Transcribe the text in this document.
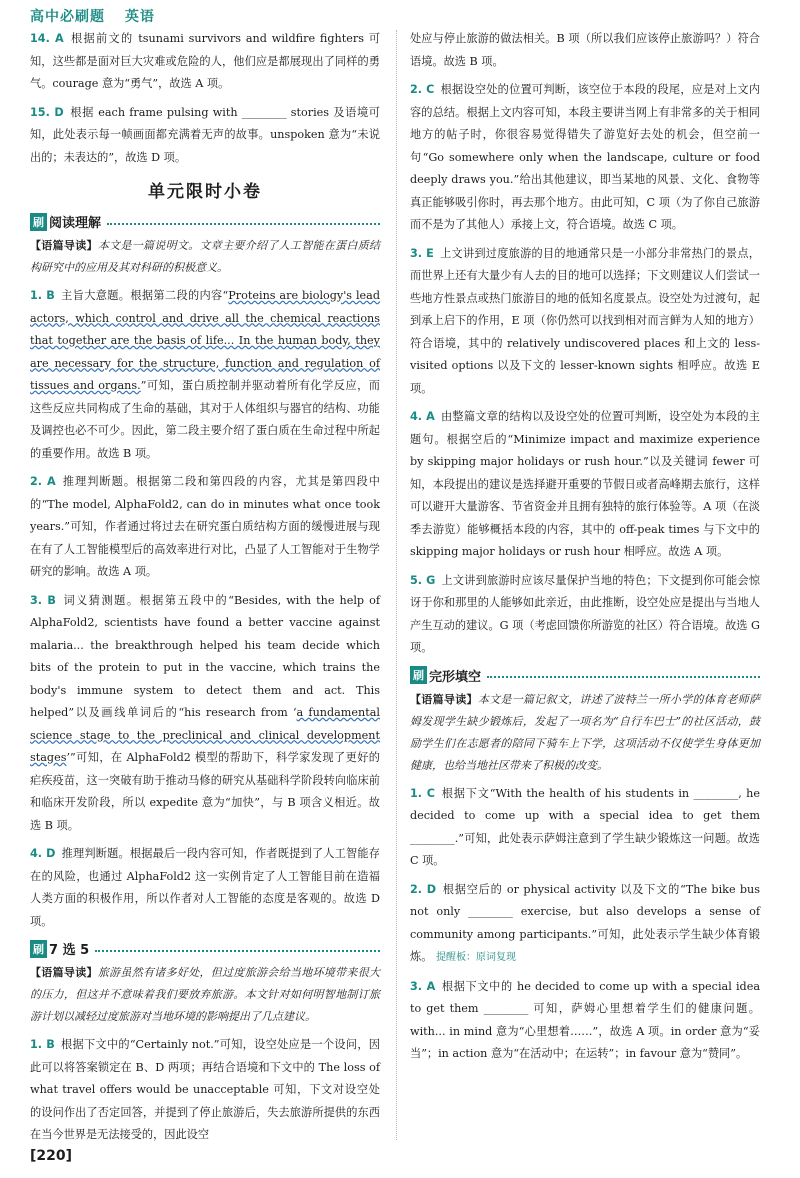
高中必刷题 英语

14. A 根据前文的 tsunami survivors and wildfire fighters 可知，这些都是面对巨大灾难或危险的人，他们应是都展现出了同样的勇气。courage 意为“勇气”，故选 A 项。

15. D 根据 each frame pulsing with ________ stories 及语境可知，此处表示每一帧画面都充满着无声的故事。unspoken 意为“未说出的；未表达的”，故选 D 项。

单元限时小卷
刷 阅读理解

【语篇导读】本文是一篇说明文。文章主要介绍了人工智能在蛋白质结构研究中的应用及其对科研的积极意义。

1. B 主旨大意题。根据第二段的内容“Proteins are biology's lead actors, which control and drive all the chemical reactions that together are the basis of life... In the human body, they are necessary for the structure, function and regulation of tissues and organs.”可知，蛋白质控制并驱动着所有化学反应，而这些反应共同构成了生命的基础，其对于人体组织与器官的结构、功能及调控也必不可少。因此，第二段主要介绍了蛋白质在生命过程中所起的重要作用。故选 B 项。

2. A 推理判断题。根据第二段和第四段的内容，尤其是第四段中的“The model, AlphaFold2, can do in minutes what once took years.”可知，作者通过将过去在研究蛋白质结构方面的缓慢进展与现在有了人工智能模型后的高效率进行对比，凸显了人工智能对于生物学研究的影响。故选 A 项。

3. B 词义猜测题。根据第五段中的“Besides, with the help of AlphaFold2, scientists have found a better vaccine against malaria... the breakthrough helped his team decide which bits of the protein to put in the vaccine, which trains the body's immune system to detect them and act. This helped”以及画线单词后的“his research from ‘a fundamental science stage to the preclinical and clinical development stages’”可知，在 AlphaFold2 模型的帮助下，科学家发现了更好的疟疾疫苗，这一突破有助于推动马修的研究从基础科学阶段转向临床前和临床开发阶段，所以 expedite 意为“加快”，与 B 项含义相近。故选 B 项。

4. D 推理判断题。根据最后一段内容可知，作者既提到了人工智能存在的风险，也通过 AlphaFold2 这一实例肯定了人工智能目前在造福人类方面的积极作用，所以作者对人工智能的态度是客观的。故选 D 项。

刷 7 选 5

【语篇导读】旅游虽然有诸多好处，但过度旅游会给当地环境带来很大的压力，但这并不意味着我们要放弃旅游。本文针对如何明智地制订旅游计划以减轻过度旅游对当地环境的影响提出了几点建议。

1. B 根据下文中的“Certainly not.”可知，设空处应是一个设问，因此可以将答案锁定在 B、D 两项；再结合语境和下文中的 The loss of what travel offers would be unacceptable 可知，下文对设空处的设问作出了否定回答，并提到了停止旅游后，失去旅游所提供的东西在当今世界是无法接受的，因此设空

处应与停止旅游的做法相关。B 项（所以我们应该停止旅游吗？）符合语境。故选 B 项。

2. C 根据设空处的位置可判断，该空位于本段的段尾，应是对上文内容的总结。根据上文内容可知，本段主要讲当网上有非常多的关于相同地方的帖子时，你很容易觉得错失了游览好去处的机会，但空前一句“Go somewhere only when the landscape, culture or food deeply draws you.”给出其他建议，即当某地的风景、文化、食物等真正能够吸引你时，再去那个地方。由此可知，C 项（为了你自己旅游而不是为了其他人）承接上文，符合语境。故选 C 项。

3. E 上文讲到过度旅游的目的地通常只是一小部分非常热门的景点，而世界上还有大量少有人去的目的地可以选择；下文则建议人们尝试一些地方性景点或热门旅游目的地的低知名度景点。设空处为过渡句，起到承上启下的作用，E 项（你仍然可以找到相对而言鲜为人知的地方）符合语境，其中的 relatively undiscovered places 和上文的 less-visited options 以及下文的 lesser-known sights 相呼应。故选 E 项。

4. A 由整篇文章的结构以及设空处的位置可判断，设空处为本段的主题句。根据空后的“Minimize impact and maximize experience by skipping major holidays or rush hour.”以及关键词 fewer 可知，本段提出的建议是选择避开重要的节假日或者高峰期去旅行，这样可以避开大量游客、节省资金并且拥有独特的旅行体验等。A 项（在淡季去游览）能够概括本段的内容，其中的 off-peak times 与下文中的 skipping major holidays or rush hour 相呼应。故选 A 项。

5. G 上文讲到旅游时应该尽量保护当地的特色；下文提到你可能会惊讶于你和那里的人能够如此亲近，由此推断，设空处应是提出与当地人产生互动的建议。G 项（考虑回馈你所游览的社区）符合语境。故选 G 项。

刷 完形填空

【语篇导读】本文是一篇记叙文，讲述了波特兰一所小学的体育老师萨姆发现学生缺少锻炼后，发起了一项名为“自行车巴士”的社区活动，鼓励学生们在志愿者的陪同下骑车上下学，这项活动不仅使学生身体更加健康，也给当地社区带来了积极的改变。

1. C 根据下文“With the health of his students in ________, he decided to come up with a special idea to get them ________.”可知，此处表示萨姆注意到了学生缺少锻炼这一问题。故选 C 项。

2. D 根据空后的 or physical activity 以及下文的“The bike bus not only ________ exercise, but also develops a sense of community among participants.”可知，此处表示学生缺少体育锻炼。 提醒板：原词复现

3. A 根据下文中的 he decided to come up with a special idea to get them ________ 可知，萨姆心里想着学生们的健康问题。with... in mind 意为“心里想着……”，故选 A 项。in order 意为“妥当”；in action 意为“在活动中；在运转”；in favour 意为“赞同”。

[220]
